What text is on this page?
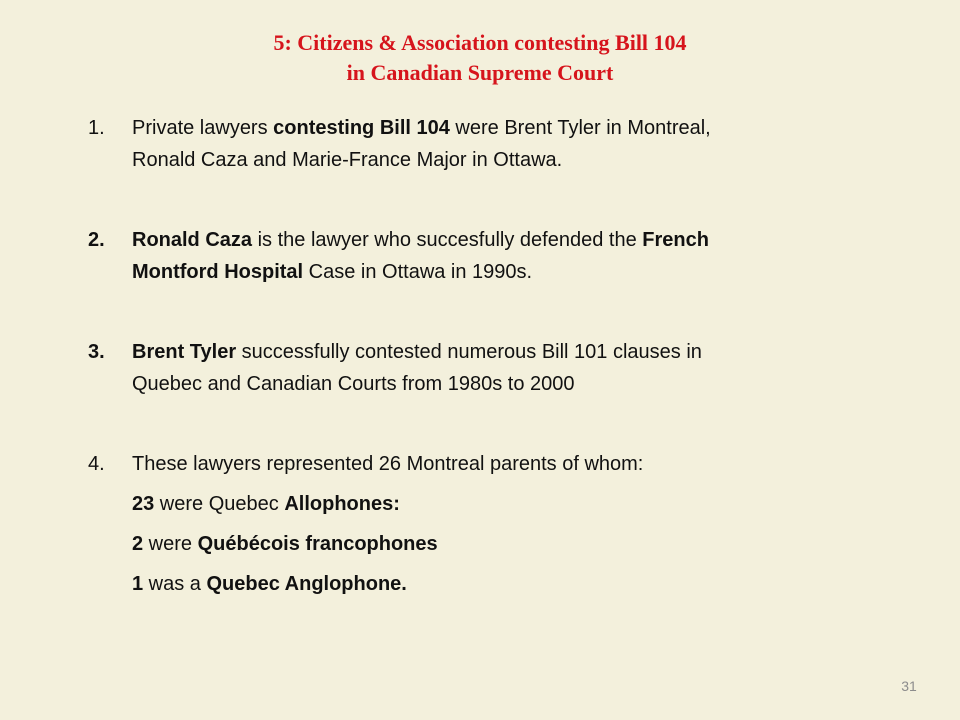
5: Citizens & Association contesting Bill 104
in Canadian Supreme Court
1. Private lawyers contesting Bill 104 were Brent Tyler in Montreal,
Ronald Caza and Marie-France Major in Ottawa.
2. Ronald Caza is the lawyer who succesfully defended the French
Montford Hospital Case in Ottawa in 1990s.
3. Brent Tyler successfully contested numerous Bill 101 clauses in
Quebec and Canadian Courts from 1980s to 2000
4. These lawyers represented 26 Montreal parents of whom:
23 were Quebec Allophones:
2 were Québécois francophones
1 was a Quebec Anglophone.
31
